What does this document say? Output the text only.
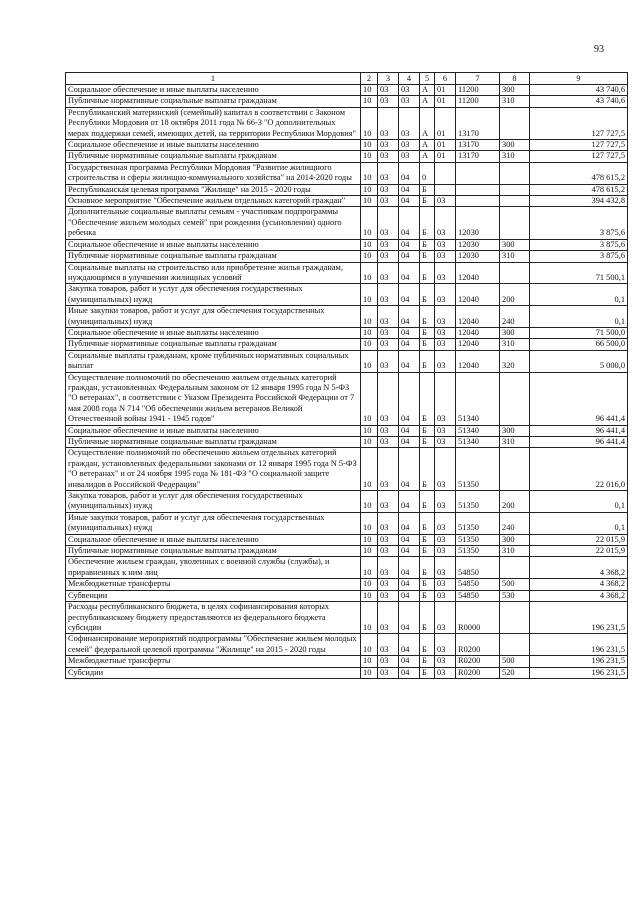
93
1	2	3	4	5	6	7	8	9
Социальное обеспечение и иные выплаты населению	10	03	03	А	01	11200	300	43 740,6
Публичные нормативные социальные выплаты гражданам	10	03	03	А	01	11200	310	43 740,6
Республиканский материнский (семейный) капитал в соответствии с Законом Республики Мордовия от 18 октября 2011 года № 66-З "О дополнительных мерах поддержки семей, имеющих детей, на территории Республики Мордовия"	10	03	03	А	01	13170		127 727,5
Социальное обеспечение и иные выплаты населению	10	03	03	А	01	13170	300	127 727,5
Публичные нормативные социальные выплаты гражданам	10	03	03	А	01	13170	310	127 727,5
Государственная программа Республики Мордовия "Развитие жилищного строительства и сферы жилищно-коммунального хозяйства" на 2014-2020 годы	10	03	04	0				478 615,2
Республиканская целевая программа "Жилище" на 2015 - 2020 годы	10	03	04	Б				478 615,2
Основное мероприятие "Обеспечение жильем отдельных категорий граждан"	10	03	04	Б	03			394 432,8
Дополнительные социальные выплаты семьям - участникам подпрограммы "Обеспечение жильем молодых семей" при рождении (усыновлении) одного ребенка	10	03	04	Б	03	12030		3 875,6
Социальное обеспечение и иные выплаты населению	10	03	04	Б	03	12030	300	3 875,6
Публичные нормативные социальные выплаты гражданам	10	03	04	Б	03	12030	310	3 875,6
Социальные выплаты на строительство или приобретение жилья гражданам, нуждающимся в улучшении жилищных условий	10	03	04	Б	03	12040		71 500,1
Закупка товаров, работ и услуг для обеспечения государственных (муниципальных) нужд	10	03	04	Б	03	12040	200	0,1
Иные закупки товаров, работ и услуг для обеспечения государственных (муниципальных) нужд	10	03	04	Б	03	12040	240	0,1
Социальное обеспечение и иные выплаты населению	10	03	04	Б	03	12040	300	71 500,0
Публичные нормативные социальные выплаты гражданам	10	03	04	Б	03	12040	310	66 500,0
Социальные выплаты гражданам, кроме публичных нормативных социальных выплат	10	03	04	Б	03	12040	320	5 000,0
Осуществление полномочий по обеспечению жильем отдельных категорий граждан, установленных Федеральным законом от 12 января 1995 года N 5-ФЗ "О ветеранах", в соответствии с Указом Президента Российской Федерации от 7 мая 2008 года N 714 "Об обеспечении жильем ветеранов Великой Отечественной войны 1941 - 1945 годов"	10	03	04	Б	03	51340		96 441,4
Социальное обеспечение и иные выплаты населению	10	03	04	Б	03	51340	300	96 441,4
Публичные нормативные социальные выплаты гражданам	10	03	04	Б	03	51340	310	96 441,4
Осуществление полномочий по обеспечению жильем отдельных категорий граждан, установленных федеральными законами от 12 января 1995 года N 5-ФЗ "О ветеранах" и от 24 ноября 1995 года № 181-ФЗ "О социальной защите инвалидов в Российской Федерации"	10	03	04	Б	03	51350		22 016,0
Закупка товаров, работ и услуг для обеспечения государственных (муниципальных) нужд	10	03	04	Б	03	51350	200	0,1
Иные закупки товаров, работ и услуг для обеспечения государственных (муниципальных) нужд	10	03	04	Б	03	51350	240	0,1
Социальное обеспечение и иные выплаты населению	10	03	04	Б	03	51350	300	22 015,9
Публичные нормативные социальные выплаты гражданам	10	03	04	Б	03	51350	310	22 015,9
Обеспечение жильем граждан, уволенных с военной службы (службы), и приравненных к ним лиц	10	03	04	Б	03	54850		4 368,2
Межбюджетные трансферты	10	03	04	Б	03	54850	500	4 368,2
Субвенции	10	03	04	Б	03	54850	530	4 368,2
Расходы республиканского бюджета, в целях софинансирования которых республиканскому бюджету предоставляются из федерального бюджета субсидии	10	03	04	Б	03	R0000		196 231,5
Софинансирование мероприятий подпрограммы "Обеспечение жильем молодых семей" федеральной целевой программы "Жилище" на 2015 - 2020 годы	10	03	04	Б	03	R0200		196 231,5
Межбюджетные трансферты	10	03	04	Б	03	R0200	500	196 231,5
Субсидии	10	03	04	Б	03	R0200	520	196 231,5
